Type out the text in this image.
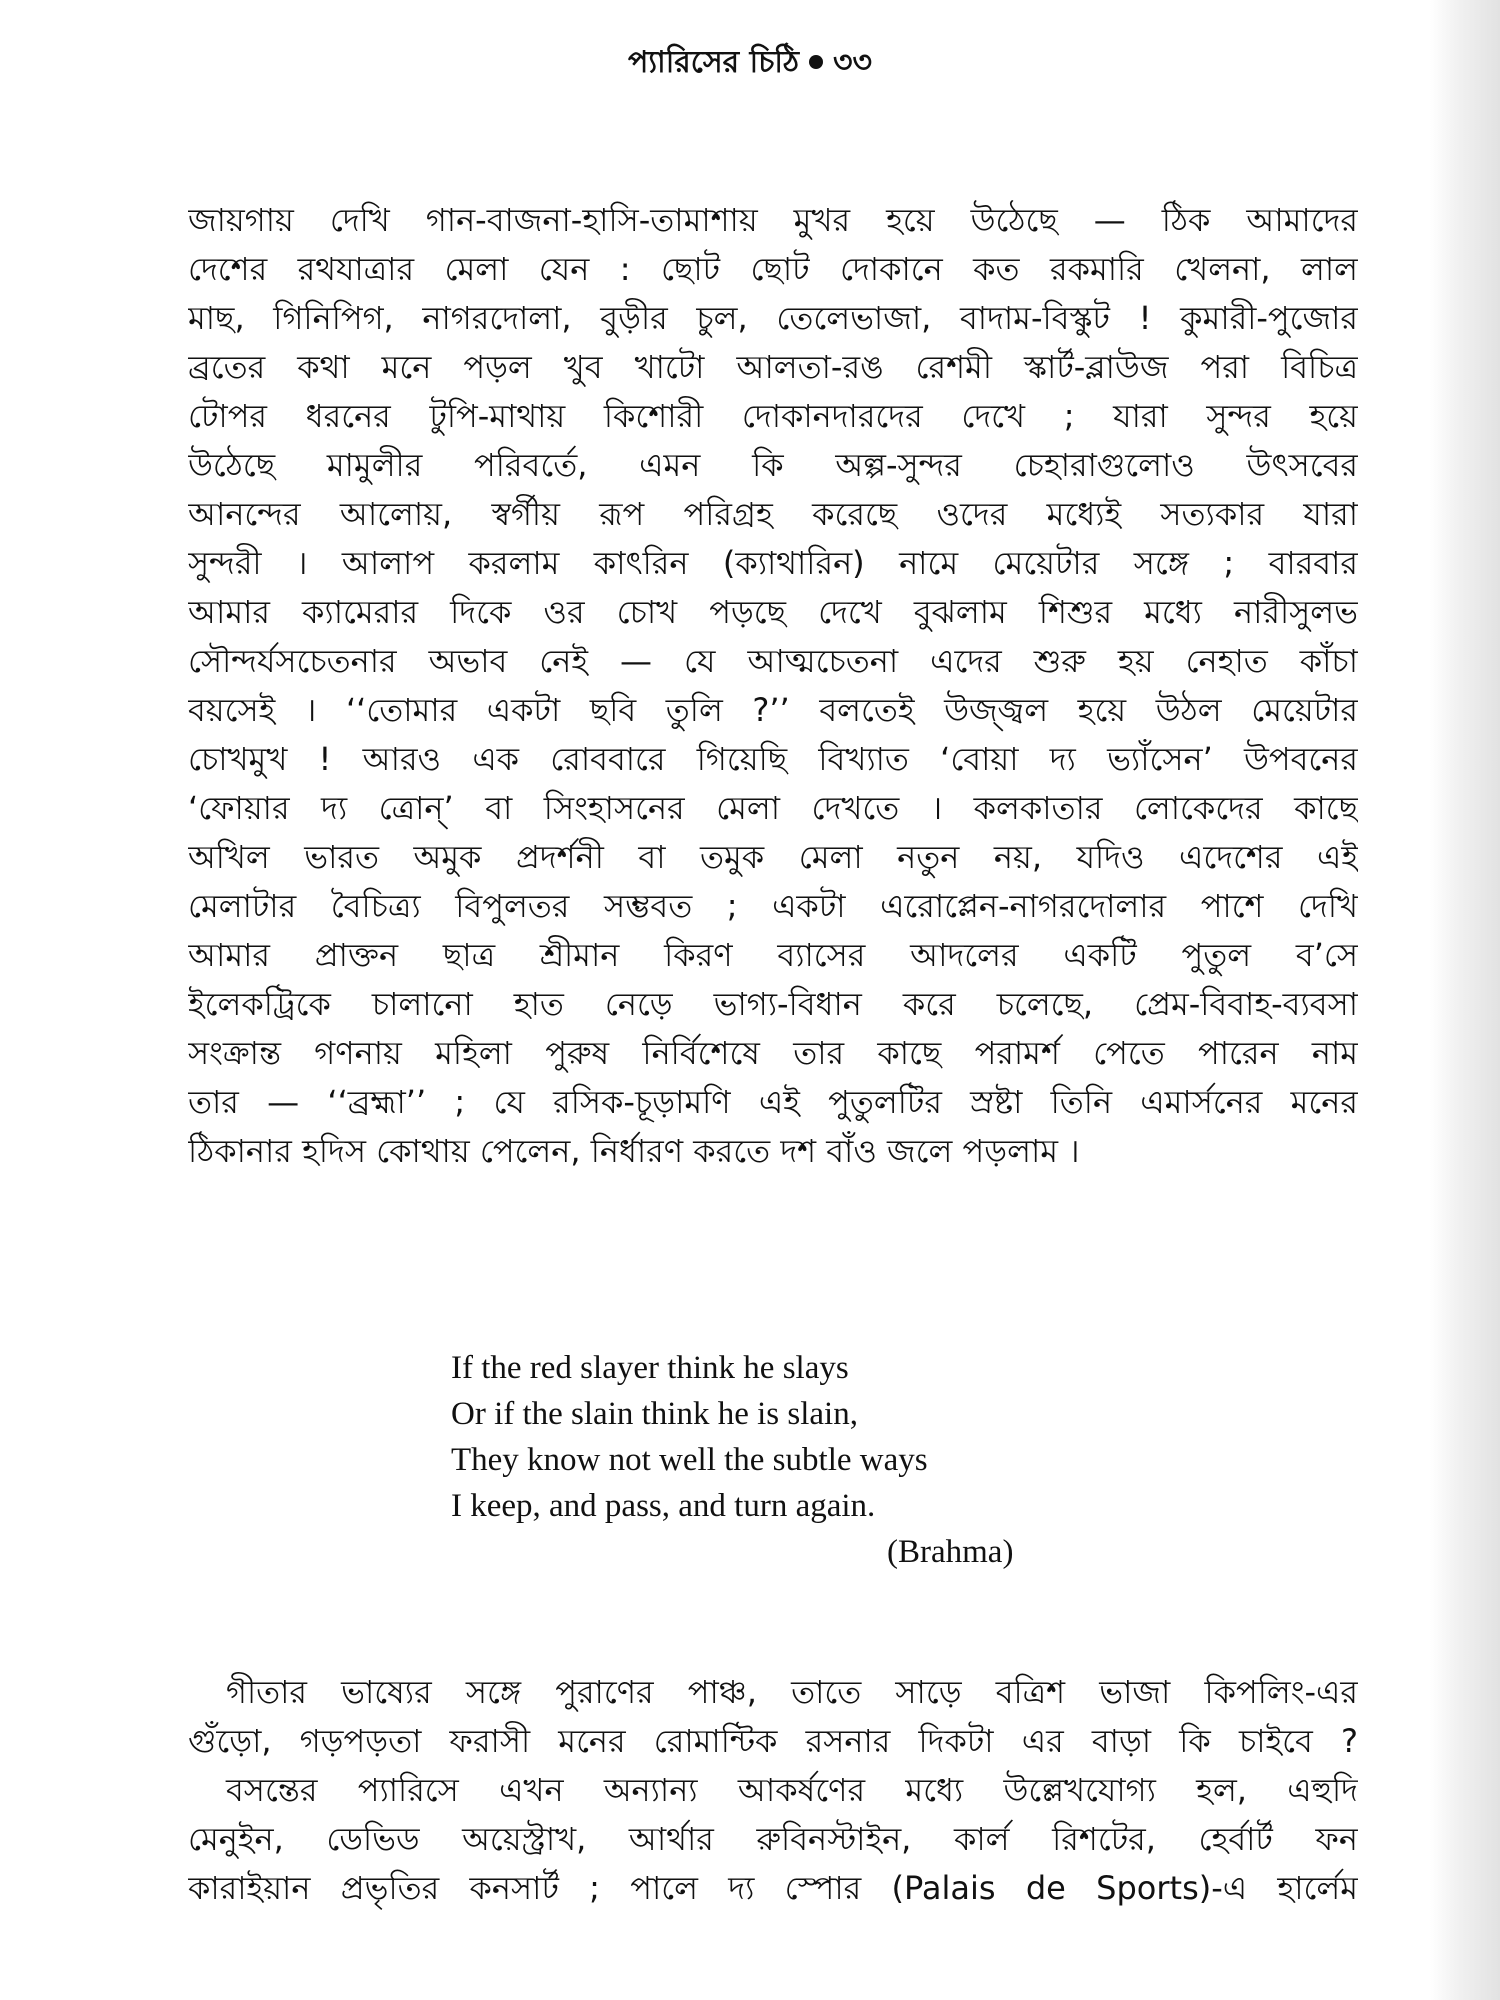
প্যারিসের চিঠি ৩৩
জায়গায় দেখি গান-বাজনা-হাসি-তামাশায় মুখর হয়ে উঠেছে — ঠিক আমাদের
দেশের রথযাত্রার মেলা যেন : ছোট ছোট দোকানে কত রকমারি খেলনা, লাল
মাছ, গিনিপিগ, নাগরদোলা, বুড়ীর চুল, তেলেভাজা, বাদাম-বিস্কুট ! কুমারী-পুজোর
ব্রতের কথা মনে পড়ল খুব খাটো আলতা-রঙ রেশমী স্কার্ট-ব্লাউজ পরা বিচিত্র
টোপর ধরনের টুপি-মাথায় কিশোরী দোকানদারদের দেখে ; যারা সুন্দর হয়ে
উঠেছে মামুলীর পরিবর্তে, এমন কি অল্প-সুন্দর চেহারাগুলোও উৎসবের
আনন্দের আলোয়, স্বর্গীয় রূপ পরিগ্রহ করেছে ওদের মধ্যেই সত্যকার যারা
সুন্দরী । আলাপ করলাম কাৎরিন (ক্যাথারিন) নামে মেয়েটার সঙ্গে ; বারবার
আমার ক্যামেরার দিকে ওর চোখ পড়ছে দেখে বুঝলাম শিশুর মধ্যে নারীসুলভ
সৌন্দর্যসচেতনার অভাব নেই — যে আত্মচেতনা এদের শুরু হয় নেহাত কাঁচা
বয়সেই । ‘‘তোমার একটা ছবি তুলি ?’’ বলতেই উজ্জ্বল হয়ে উঠল মেয়েটার
চোখমুখ ! আরও এক রোববারে গিয়েছি বিখ্যাত ‘বোয়া দ্য ভ্যাঁসেন’ উপবনের
‘ফোয়ার দ্য ত্রোন্’ বা সিংহাসনের মেলা দেখতে । কলকাতার লোকেদের কাছে
অখিল ভারত অমুক প্রদর্শনী বা তমুক মেলা নতুন নয়, যদিও এদেশের এই
মেলাটার বৈচিত্র্য বিপুলতর সম্ভবত ; একটা এরোপ্লেন-নাগরদোলার পাশে দেখি
আমার প্রাক্তন ছাত্র শ্রীমান কিরণ ব্যাসের আদলের একটি পুতুল ব’সে
ইলেকট্রিকে চালানো হাত নেড়ে ভাগ্য-বিধান করে চলেছে, প্রেম-বিবাহ-ব্যবসা
সংক্রান্ত গণনায় মহিলা পুরুষ নির্বিশেষে তার কাছে পরামর্শ পেতে পারেন নাম
তার — ‘‘ব্রহ্মা’’ ; যে রসিক-চূড়ামণি এই পুতুলটির স্রষ্টা তিনি এমার্সনের মনের
ঠিকানার হদিস কোথায় পেলেন, নির্ধারণ করতে দশ বাঁও জলে পড়লাম ।
If the red slayer think he slays
Or if the slain think he is slain,
They know not well the subtle ways
I keep, and pass, and turn again.
(Brahma)
গীতার ভাষ্যের সঙ্গে পুরাণের পাঞ্চ, তাতে সাড়ে বত্রিশ ভাজা কিপলিং-এর
গুঁড়ো, গড়পড়তা ফরাসী মনের রোমান্টিক রসনার দিকটা এর বাড়া কি চাইবে ?
বসন্তের প্যারিসে এখন অন্যান্য আকর্ষণের মধ্যে উল্লেখযোগ্য হল, এহুদি
মেনুইন, ডেভিড অয়েস্ট্রাখ, আর্থার রুবিনস্টাইন, কার্ল রিশটের, হের্বার্ট ফন
কারাইয়ান প্রভৃতির কনসার্ট ; পালে দ্য স্পোর (Palais de Sports)-এ হার্লেম
